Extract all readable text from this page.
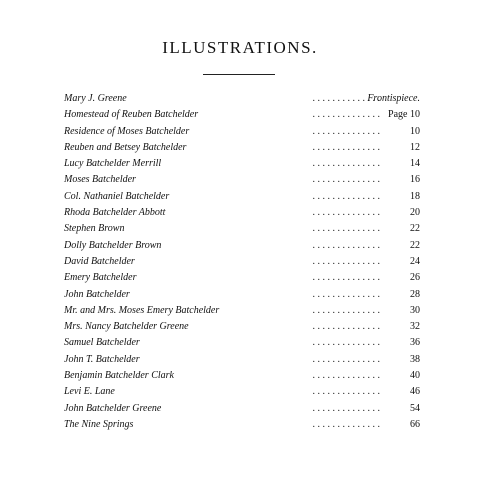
ILLUSTRATIONS.
. . . . . . . . . . . . . .
Mary J. Greene	Frontispiece.
. . . . . . . . . . . . . .
Homestead of Reuben Batchelder	Page 10
. . . . . . . . . . . . . .
Residence of Moses Batchelder	10
. . . . . . . . . . . . . .
Reuben and Betsey Batchelder	12
. . . . . . . . . . . . . .
Lucy Batchelder Merrill	14
. . . . . . . . . . . . . .
Moses Batchelder	16
. . . . . . . . . . . . . .
Col. Nathaniel Batchelder	18
. . . . . . . . . . . . . .
Rhoda Batchelder Abbott	20
. . . . . . . . . . . . . .
Stephen Brown	22
. . . . . . . . . . . . . .
Dolly Batchelder Brown	22
. . . . . . . . . . . . . .
David Batchelder	24
. . . . . . . . . . . . . .
Emery Batchelder	26
. . . . . . . . . . . . . .
John Batchelder	28
. . . . . . . . . . . . . .
Mr. and Mrs. Moses Emery Batchelder	30
. . . . . . . . . . . . . .
Mrs. Nancy Batchelder Greene	32
. . . . . . . . . . . . . .
Samuel Batchelder	36
. . . . . . . . . . . . . .
John T. Batchelder	38
. . . . . . . . . . . . . .
Benjamin Batchelder Clark	40
. . . . . . . . . . . . . .
Levi E. Lane	46
. . . . . . . . . . . . . .
John Batchelder Greene	54
. . . . . . . . . . . . . .
The Nine Springs	66
